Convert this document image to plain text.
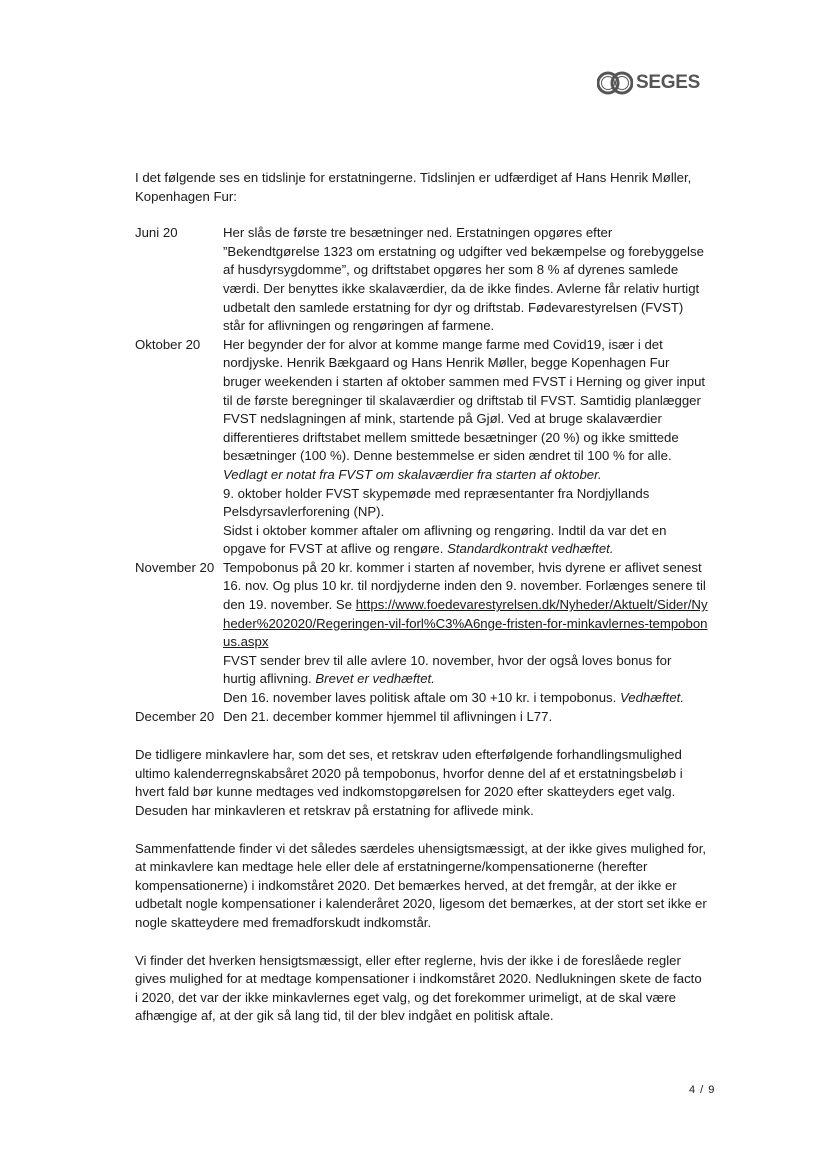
SEGES

I det følgende ses en tidslinje for erstatningerne. Tidslinjen er udfærdiget af Hans Henrik Møller, Kopenhagen Fur:

Juni 20	Her slås de første tre besætninger ned. Erstatningen opgøres efter ”Bekendtgørelse 1323 om erstatning og udgifter ved bekæmpelse og forebyggelse af husdyrsygdomme”, og driftstabet opgøres her som 8 % af dyrenes samlede værdi. Der benyttes ikke skalaværdier, da de ikke findes. Avlerne får relativ hurtigt udbetalt den samlede erstatning for dyr og driftstab. Fødevarestyrelsen (FVST) står for aflivningen og rengøringen af farmene.

Oktober 20	Her begynder der for alvor at komme mange farme med Covid19, især i det nordjyske. Henrik Bækgaard og Hans Henrik Møller, begge Kopenhagen Fur bruger weekenden i starten af oktober sammen med FVST i Herning og giver input til de første beregninger til skalaværdier og driftstab til FVST. Samtidig planlægger FVST nedslagningen af mink, startende på Gjøl. Ved at bruge skalaværdier differentieres driftstabet mellem smittede besætninger (20 %) og ikke smittede besætninger (100 %). Denne bestemmelse er siden ændret til 100 % for alle. Vedlagt er notat fra FVST om skalaværdier fra starten af oktober.

9. oktober holder FVST skypemøde med repræsentanter fra Nordjyllands Pelsdyrsavlerforening (NP).

Sidst i oktober kommer aftaler om aflivning og rengøring. Indtil da var det en opgave for FVST at aflive og rengøre. Standardkontrakt vedhæftet.

November 20	Tempobonus på 20 kr. kommer i starten af november, hvis dyrene er aflivet senest 16. nov. Og plus 10 kr. til nordjyderne inden den 9. november. Forlænges senere til den 19. november. Se https://www.foedevarestyrelsen.dk/Nyheder/Aktuelt/Sider/Nyheder%202020/Regeringen-vil-forl%C3%A6nge-fristen-for-minkavlernes-tempobonus.aspx

FVST sender brev til alle avlere 10. november, hvor der også loves bonus for hurtig aflivning. Brevet er vedhæftet.

Den 16. november laves politisk aftale om 30 +10 kr. i tempobonus. Vedhæftet.

December 20	Den 21. december kommer hjemmel til aflivningen i L77.

De tidligere minkavlere har, som det ses, et retskrav uden efterfølgende forhandlingsmulighed ultimo kalenderregnskabsåret 2020 på tempobonus, hvorfor denne del af et erstatningsbeløb i hvert fald bør kunne medtages ved indkomstopgørelsen for 2020 efter skatteyders eget valg. Desuden har minkavleren et retskrav på erstatning for aflivede mink.

Sammenfattende finder vi det således særdeles uhensigtsmæssigt, at der ikke gives mulighed for, at minkavlere kan medtage hele eller dele af erstatningerne/kompensationerne (herefter kompensationerne) i indkomståret 2020. Det bemærkes herved, at det fremgår, at der ikke er udbetalt nogle kompensationer i kalenderåret 2020, ligesom det bemærkes, at der stort set ikke er nogle skatteydere med fremadforskudt indkomstår.

Vi finder det hverken hensigtsmæssigt, eller efter reglerne, hvis der ikke i de foreslåede regler gives mulighed for at medtage kompensationer i indkomståret 2020. Nedlukningen skete de facto i 2020, det var der ikke minkavlernes eget valg, og det forekommer urimeligt, at de skal være afhængige af, at der gik så lang tid, til der blev indgået en politisk aftale.

4 / 9
